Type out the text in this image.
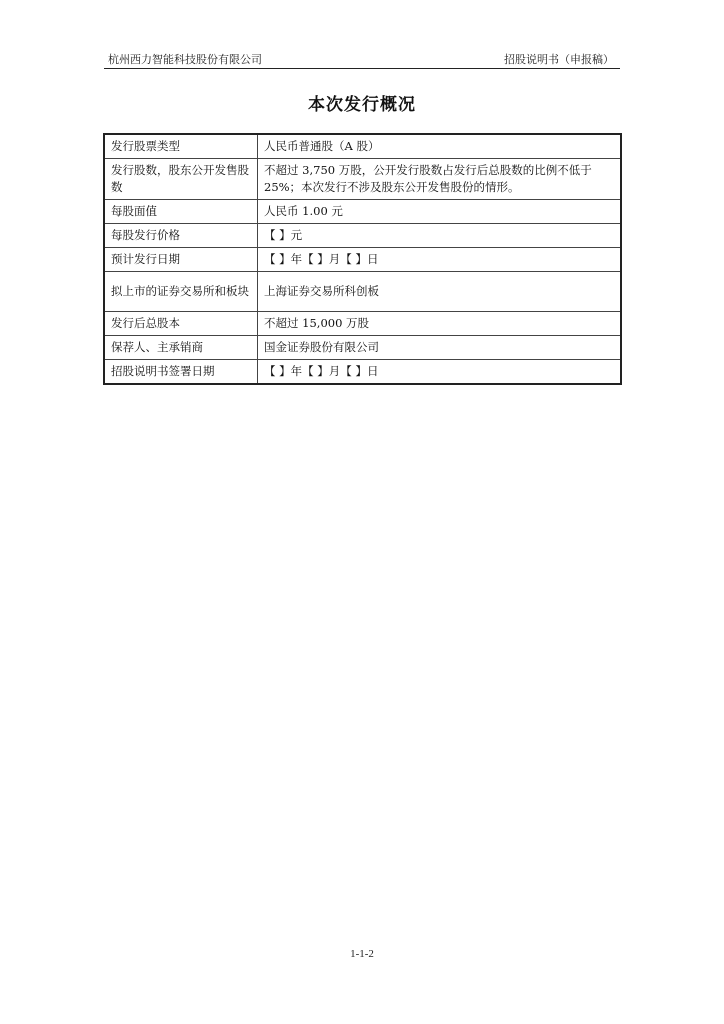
杭州西力智能科技股份有限公司	招股说明书（申报稿）
本次发行概况
发行股票类型	人民币普通股（A 股）
发行股数，股东公开发售股数	不超过 3,750 万股，公开发行股数占发行后总股数的比例不低于 25%；本次发行不涉及股东公开发售股份的情形。
每股面值	人民币 1.00 元
每股发行价格	【 】元
预计发行日期	【 】年【 】月【 】日
拟上市的证券交易所和板块	上海证券交易所科创板
发行后总股本	不超过 15,000 万股
保荐人、主承销商	国金证券股份有限公司
招股说明书签署日期	【 】年【 】月【 】日
1-1-2
